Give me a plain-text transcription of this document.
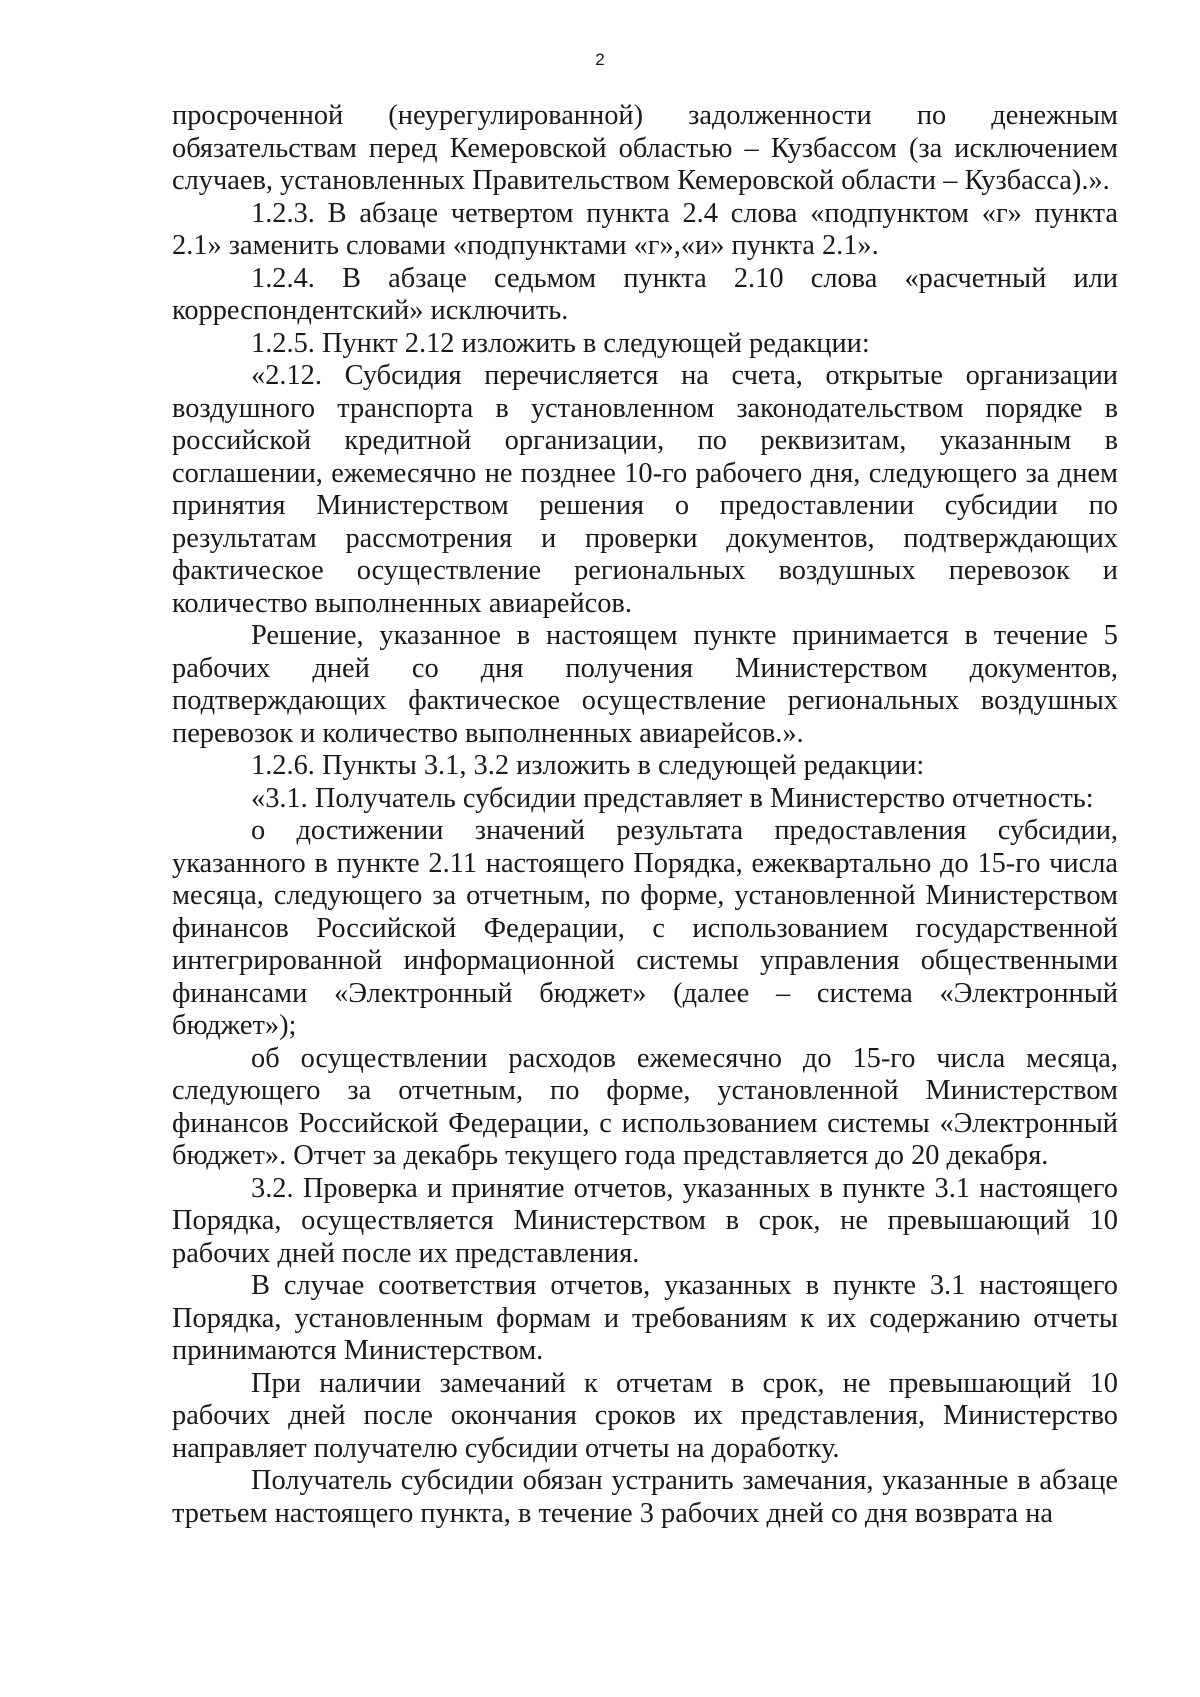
2

просроченной (неурегулированной) задолженности по денежным обязательствам перед Кемеровской областью – Кузбассом (за исключением случаев, установленных Правительством Кемеровской области – Кузбасса).».

1.2.3. В абзаце четвертом пункта 2.4 слова «подпунктом «г» пункта 2.1» заменить словами «подпунктами «г»,«и» пункта 2.1».

1.2.4. В абзаце седьмом пункта 2.10 слова «расчетный или корреспондентский» исключить.

1.2.5. Пункт 2.12 изложить в следующей редакции:

«2.12. Субсидия перечисляется на счета, открытые организации воздушного транспорта в установленном законодательством порядке в российской кредитной организации, по реквизитам, указанным в соглашении, ежемесячно не позднее 10-го рабочего дня, следующего за днем принятия Министерством решения о предоставлении субсидии по результатам рассмотрения и проверки документов, подтверждающих фактическое осуществление региональных воздушных перевозок и количество выполненных авиарейсов.

Решение, указанное в настоящем пункте принимается в течение 5 рабочих дней со дня получения Министерством документов, подтверждающих фактическое осуществление региональных воздушных перевозок и количество выполненных авиарейсов.».

1.2.6. Пункты 3.1, 3.2 изложить в следующей редакции:

«3.1. Получатель субсидии представляет в Министерство отчетность:

о достижении значений результата предоставления субсидии, указанного в пункте 2.11 настоящего Порядка, ежеквартально до 15-го числа месяца, следующего за отчетным, по форме, установленной Министерством финансов Российской Федерации, с использованием государственной интегрированной информационной системы управления общественными финансами «Электронный бюджет» (далее – система «Электронный бюджет»);

об осуществлении расходов ежемесячно до 15-го числа месяца, следующего за отчетным, по форме, установленной Министерством финансов Российской Федерации, с использованием системы «Электронный бюджет». Отчет за декабрь текущего года представляется до 20 декабря.

3.2. Проверка и принятие отчетов, указанных в пункте 3.1 настоящего Порядка, осуществляется Министерством в срок, не превышающий 10 рабочих дней после их представления.

В случае соответствия отчетов, указанных в пункте 3.1 настоящего Порядка, установленным формам и требованиям к их содержанию отчеты принимаются Министерством.

При наличии замечаний к отчетам в срок, не превышающий 10 рабочих дней после окончания сроков их представления, Министерство направляет получателю субсидии отчеты на доработку.

Получатель субсидии обязан устранить замечания, указанные в абзаце третьем настоящего пункта, в течение 3 рабочих дней со дня возврата на
